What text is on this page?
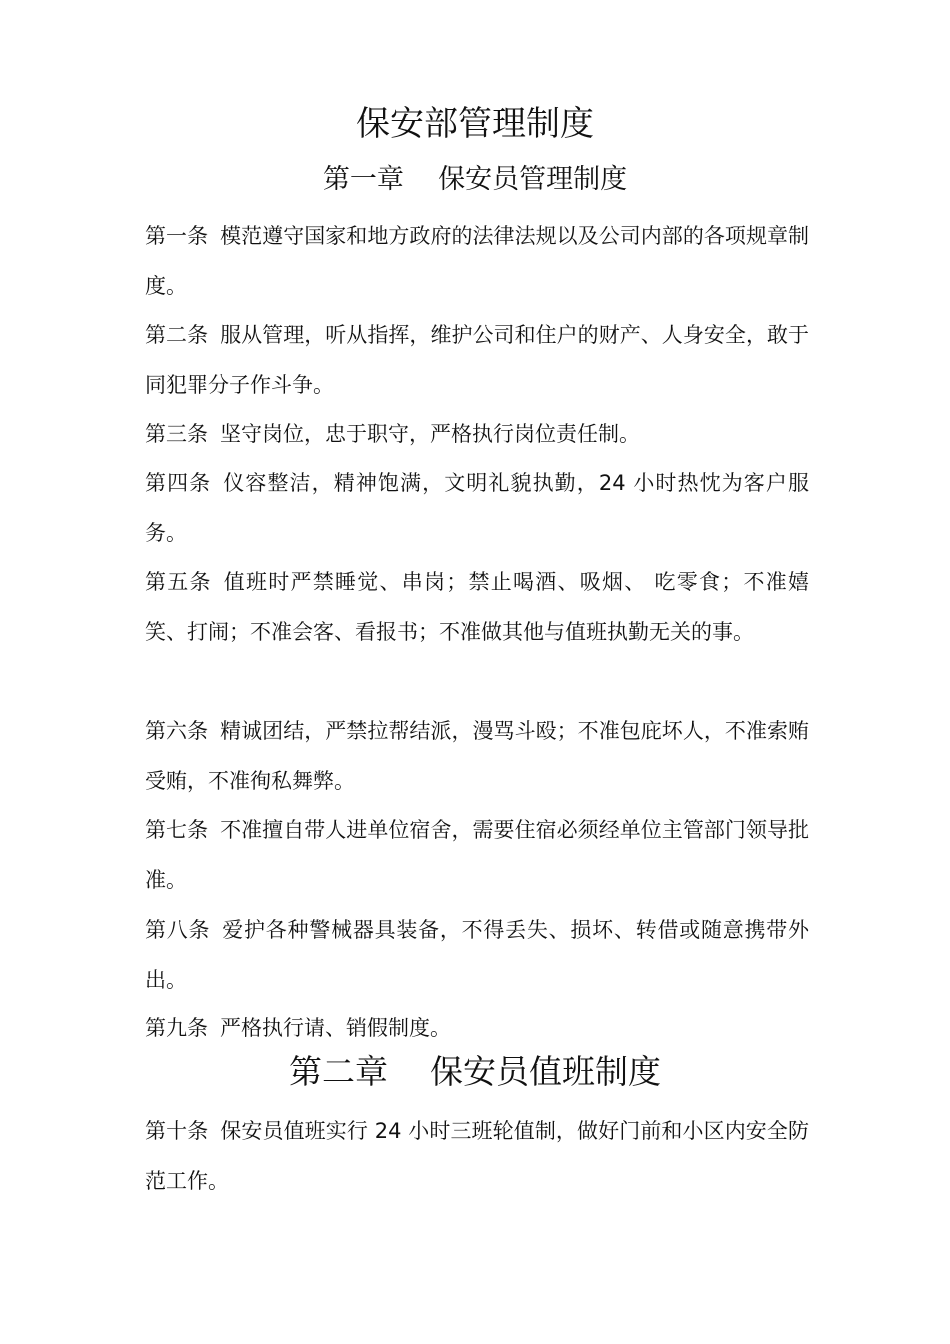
保安部管理制度
第一章    保安员管理制度
第一条 模范遵守国家和地方政府的法律法规以及公司内部的各项规章制度。
第二条 服从管理，听从指挥，维护公司和住户的财产、人身安全，敢于同犯罪分子作斗争。
第三条 坚守岗位，忠于职守，严格执行岗位责任制。
第四条 仪容整洁，精神饱满，文明礼貌执勤，24 小时热忱为客户服务。
第五条 值班时严禁睡觉、串岗；禁止喝酒、吸烟、 吃零食；不准嬉笑、打闹；不准会客、看报书；不准做其他与值班执勤无关的事。
第六条 精诚团结，严禁拉帮结派，漫骂斗殴；不准包庇坏人，不准索贿受贿，不准徇私舞弊。
第七条 不准擅自带人进单位宿舍，需要住宿必须经单位主管部门领导批准。
第八条 爱护各种警械器具装备，不得丢失、损坏、转借或随意携带外出。
第九条 严格执行请、销假制度。
第二章    保安员值班制度
第十条 保安员值班实行 24 小时三班轮值制，做好门前和小区内安全防范工作。
